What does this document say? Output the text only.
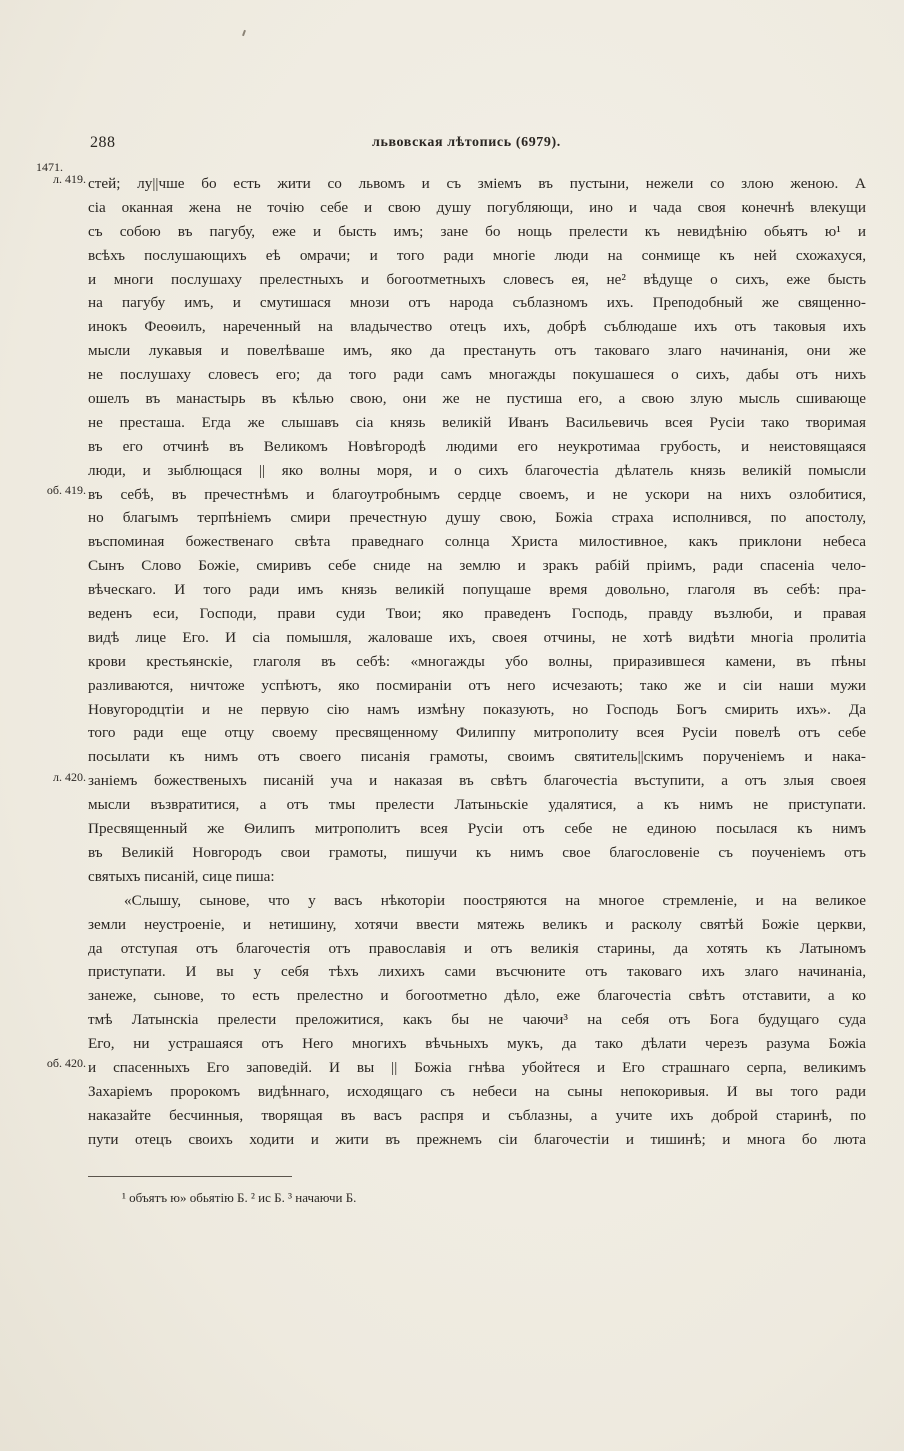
288	львовская лѣтопись (6979).
1471.
л. 419.
об. 419.
л. 420.
об. 420.
стей; лу||чше бо есть жити со львомъ и съ змiемъ въ пустыни, нежели со злою женою. А
сiа оканная жена не точiю себе и свою душу погубляющи, ино и чада своя конечнѣ влекущи
съ собою въ пагубу, еже и бысть имъ; зане бо нощь прелести къ невидѣнiю обьятъ ю¹ и
всѣхъ послушающихъ еѣ омрачи; и того ради многiе люди на сонмище къ ней схожахуся,
и многи послушаху прелестныхъ и богоотметныхъ словесъ ея, не² вѣдуще о сихъ, еже бысть
на пагубу имъ, и смутишася мнози отъ народа съблазномъ ихъ. Преподобный же священно-
инокъ Феоѳилъ, нареченный на владычество отецъ ихъ, добрѣ съблюдаше ихъ отъ таковыя ихъ
мысли лукавыя и повелѣваше имъ, яко да престануть отъ таковаго злаго начинанiя, они же
не послушаху словесъ его; да того ради самъ многажды покушашеся о сихъ, дабы отъ нихъ
ошелъ въ манастырь въ кѣлью свою, они же не пустиша его, а свою злую мысль сшивающе
не престаша. Егда же слышавъ сiа князь великiй Иванъ Васильевичь всея Русiи тако творимая
въ его отчинѣ въ Великомъ Новѣгородѣ людими его неукротимаа грубость, и неистовящаяся
люди, и зыблющася || яко волны моря, и о сихъ благочестiа дѣлатель князь великiй помысли
въ себѣ, въ пречестнѣмъ и благоутробнымъ сердце своемъ, и не ускори на нихъ озлобитися,
но благымъ терпѣнiемъ смири пречестную душу свою, Божiа страха исполнився, по апостолу,
въспоминая божественаго свѣта праведнаго солнца Христа милостивное, какъ приклони небеса
Сынъ Слово Божiе, смиривъ себе сниде на землю и зракъ рабiй прiимъ, ради спасенiа чело-
вѣческаго. И того ради имъ князь великiй попущаше время довольно, глаголя въ себѣ: пра-
веденъ еси, Господи, прави суди Твои; яко праведенъ Господь, правду възлюби, и правая
видѣ лице Его. И сiа помышля, жаловаше ихъ, своея отчины, не хотѣ видѣти многiа пролитiа
крови крестьянскiе, глаголя въ себѣ: «многажды убо волны, приразившеся камени, въ пѣны
разливаются, ничтоже успѣютъ, яко посмиранiи отъ него исчезають; тако же и сiи наши мужи
Новугородцтiи и не первую сiю намъ измѣну показують, но Господь Богъ смирить ихъ». Да
того ради еще отцу своему пресвященному Филиппу митрополиту всея Русiи повелѣ отъ себе
посылати къ нимъ отъ своего писанiя грамоты, своимъ святитель||скимъ порученiемъ и нака-
занiемъ божественыхъ писанiй уча и наказая въ свѣтъ благочестiа въступити, а отъ злыя своея
мысли възвратитися, а отъ тмы прелести Латыньскiе удалятися, а къ нимъ не приступати.
Пресвященный же Ѳилипъ митрополитъ всея Русiи отъ себе не единою посылася къ нимъ
въ Великiй Новгородъ свои грамоты, пишучи къ нимъ свое благословенiе съ поученiемъ отъ
святыхъ писанiй, сице пиша:
«Слышу, сынове, что у васъ нѣкоторiи поостряются на многое стремленiе, и на великое
земли неустроенiе, и нетишину, хотячи ввести мятежь великъ и расколу святѣй Божiе церкви,
да отступая отъ благочестiя отъ православiя и отъ великiя старины, да хотять къ Латыномъ
приступати. И вы у себя тѣхъ лихихъ сами въсчюните отъ таковаго ихъ злаго начинанiа,
занеже, сынове, то есть прелестно и богоотметно дѣло, еже благочестiа свѣтъ отставити, а ко
тмѣ Латынскiа прелести преложитися, какъ бы не чаючи³ на себя отъ Бога будущаго суда
Его, ни устрашаяся отъ Него многихъ вѣчьныхъ мукъ, да тако дѣлати черезъ разума Божiа
и спасенныхъ Его заповедiй. И вы || Божiа гнѣва убойтеся и Его страшнаго серпа, великимъ
Захарiемъ пророкомъ видѣннаго, исходящаго съ небеси на сыны непокоривыя. И вы того ради
наказайте бесчинныя, творящая въ васъ распря и съблазны, а учите ихъ доброй старинѣ, по
пути отецъ своихъ ходити и жити въ прежнемъ сiи благочестiи и тишинѣ; и многа бо люта
¹ объятъ ю» обьятiю Б. ² ис Б. ³ начаючи Б.
